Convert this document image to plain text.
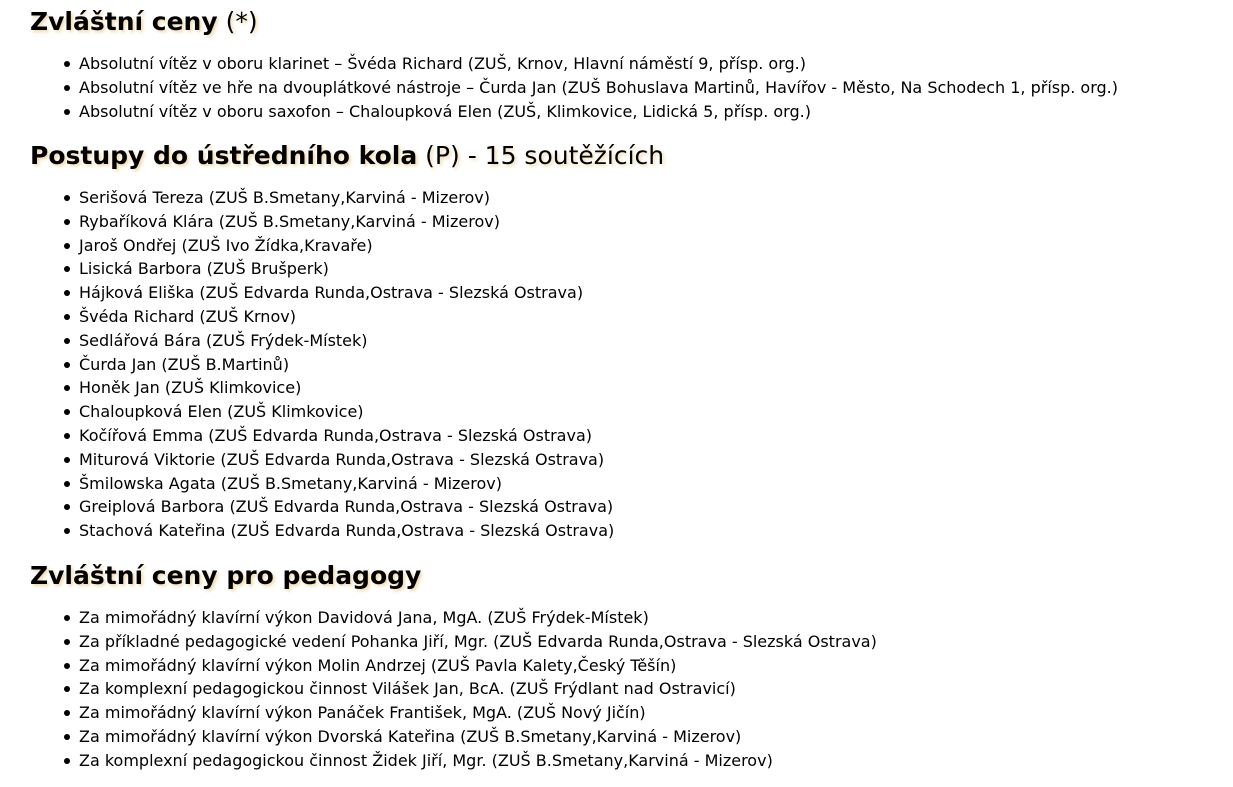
Zvláštní ceny (*)
Absolutní vítěz v oboru klarinet – Švéda Richard (ZUŠ, Krnov, Hlavní náměstí 9, přísp. org.)
Absolutní vítěz ve hře na dvouplátkové nástroje – Čurda Jan (ZUŠ Bohuslava Martinů, Havířov - Město, Na Schodech 1, přísp. org.)
Absolutní vítěz v oboru saxofon – Chaloupková Elen (ZUŠ, Klimkovice, Lidická 5, přísp. org.)
Postupy do ústředního kola (P) - 15 soutěžících
Serišová Tereza (ZUŠ B.Smetany,Karviná - Mizerov)
Rybaříková Klára (ZUŠ B.Smetany,Karviná - Mizerov)
Jaroš Ondřej (ZUŠ Ivo Žídka,Kravaře)
Lisická Barbora (ZUŠ Brušperk)
Hájková Eliška (ZUŠ Edvarda Runda,Ostrava - Slezská Ostrava)
Švéda Richard (ZUŠ Krnov)
Sedlářová Bára (ZUŠ Frýdek-Místek)
Čurda Jan (ZUŠ B.Martinů)
Honěk Jan (ZUŠ Klimkovice)
Chaloupková Elen (ZUŠ Klimkovice)
Kočířová Emma (ZUŠ Edvarda Runda,Ostrava - Slezská Ostrava)
Miturová Viktorie (ZUŠ Edvarda Runda,Ostrava - Slezská Ostrava)
Šmilowska Agata (ZUŠ B.Smetany,Karviná - Mizerov)
Greiplová Barbora (ZUŠ Edvarda Runda,Ostrava - Slezská Ostrava)
Stachová Kateřina (ZUŠ Edvarda Runda,Ostrava - Slezská Ostrava)
Zvláštní ceny pro pedagogy
Za mimořádný klavírní výkon Davidová Jana, MgA. (ZUŠ Frýdek-Místek)
Za příkladné pedagogické vedení Pohanka Jiří, Mgr. (ZUŠ Edvarda Runda,Ostrava - Slezská Ostrava)
Za mimořádný klavírní výkon Molin Andrzej (ZUŠ Pavla Kalety,Český Těšín)
Za komplexní pedagogickou činnost Vilášek Jan, BcA. (ZUŠ Frýdlant nad Ostravicí)
Za mimořádný klavírní výkon Panáček František, MgA. (ZUŠ Nový Jičín)
Za mimořádný klavírní výkon Dvorská Kateřina (ZUŠ B.Smetany,Karviná - Mizerov)
Za komplexní pedagogickou činnost Židek Jiří, Mgr. (ZUŠ B.Smetany,Karviná - Mizerov)
